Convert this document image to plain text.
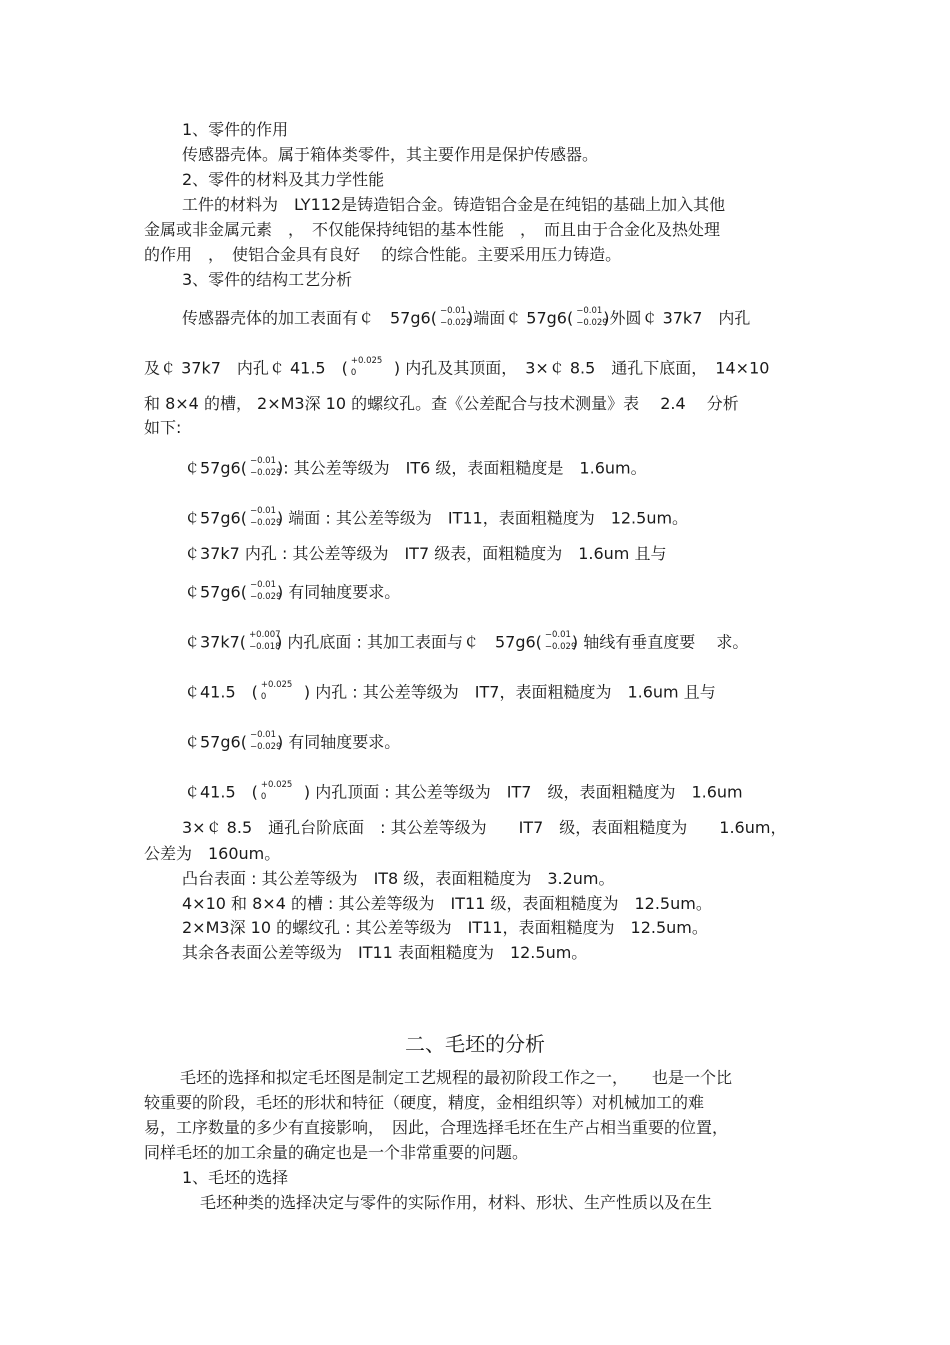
1、零件的作用
传感器壳体。属于箱体类零件，其主要作用是保护传感器。
2、零件的材料及其力学性能
工件的材料为　LY112是铸造铝合金。铸造铝合金是在纯铝的基础上加入其他
金属或非金属元素　，　不仅能保持纯铝的基本性能　，　而且由于合金化及热处理
的作用　，　使铝合金具有良好　 的综合性能。主要采用压力铸造。
3、零件的结构工艺分析
传感器壳体的加工表面有￠　57g6( −0.01
−0.029
)端面￠ 57g6( −0.01
−0.029
)外圆￠ 37k7　内孔
及￠ 37k7　内孔￠ 41.5　( +0.025
0 　) 内孔及其顶面，　3×￠ 8.5　通孔下底面，　14×10
和 8×4 的槽， 2×M3深 10 的螺纹孔。查《公差配合与技术测量》表　 2.4　 分析
如下:
￠57g6( −0.01
−0.029
): 其公差等级为　IT6 级，表面粗糙度是　1.6um。
￠57g6( −0.01
−0.029
) 端面 : 其公差等级为　IT11，表面粗糙度为　12.5um。
￠37k7 内孔 : 其公差等级为　IT7 级表，面粗糙度为　1.6um 且与
￠57g6( −0.01
−0.029
) 有同轴度要求。
￠37k7( +0.007
−0.018
) 内孔底面 : 其加工表面与￠　57g6( −0.01
−0.029
) 轴线有垂直度要　 求。
￠41.5　( +0.025
0 　) 内孔 : 其公差等级为　IT7，表面粗糙度为　1.6um 且与
￠57g6( −0.01
−0.029
) 有同轴度要求。
￠41.5　( +0.025
0 　) 内孔顶面 : 其公差等级为　IT7　级，表面粗糙度为　1.6um
3×￠ 8.5　通孔台阶底面　: 其公差等级为　　IT7　级，表面粗糙度为　　1.6um，
公差为　160um。
凸台表面 : 其公差等级为　IT8 级，表面粗糙度为　3.2um。
4×10 和 8×4 的槽 : 其公差等级为　IT11 级，表面粗糙度为　12.5um。
2×M3深 10 的螺纹孔 : 其公差等级为　IT11，表面粗糙度为　12.5um。
其余各表面公差等级为　IT11 表面粗糙度为　12.5um。
二、毛坯的分析
毛坯的选择和拟定毛坯图是制定工艺规程的最初阶段工作之一，　　也是一个比
较重要的阶段，毛坯的形状和特征（硬度，精度，金相组织等）对机械加工的难
易，工序数量的多少有直接影响，　因此，合理选择毛坯在生产占相当重要的位置，
同样毛坯的加工余量的确定也是一个非常重要的问题。
1、毛坯的选择
毛坯种类的选择决定与零件的实际作用，材料、形状、生产性质以及在生
